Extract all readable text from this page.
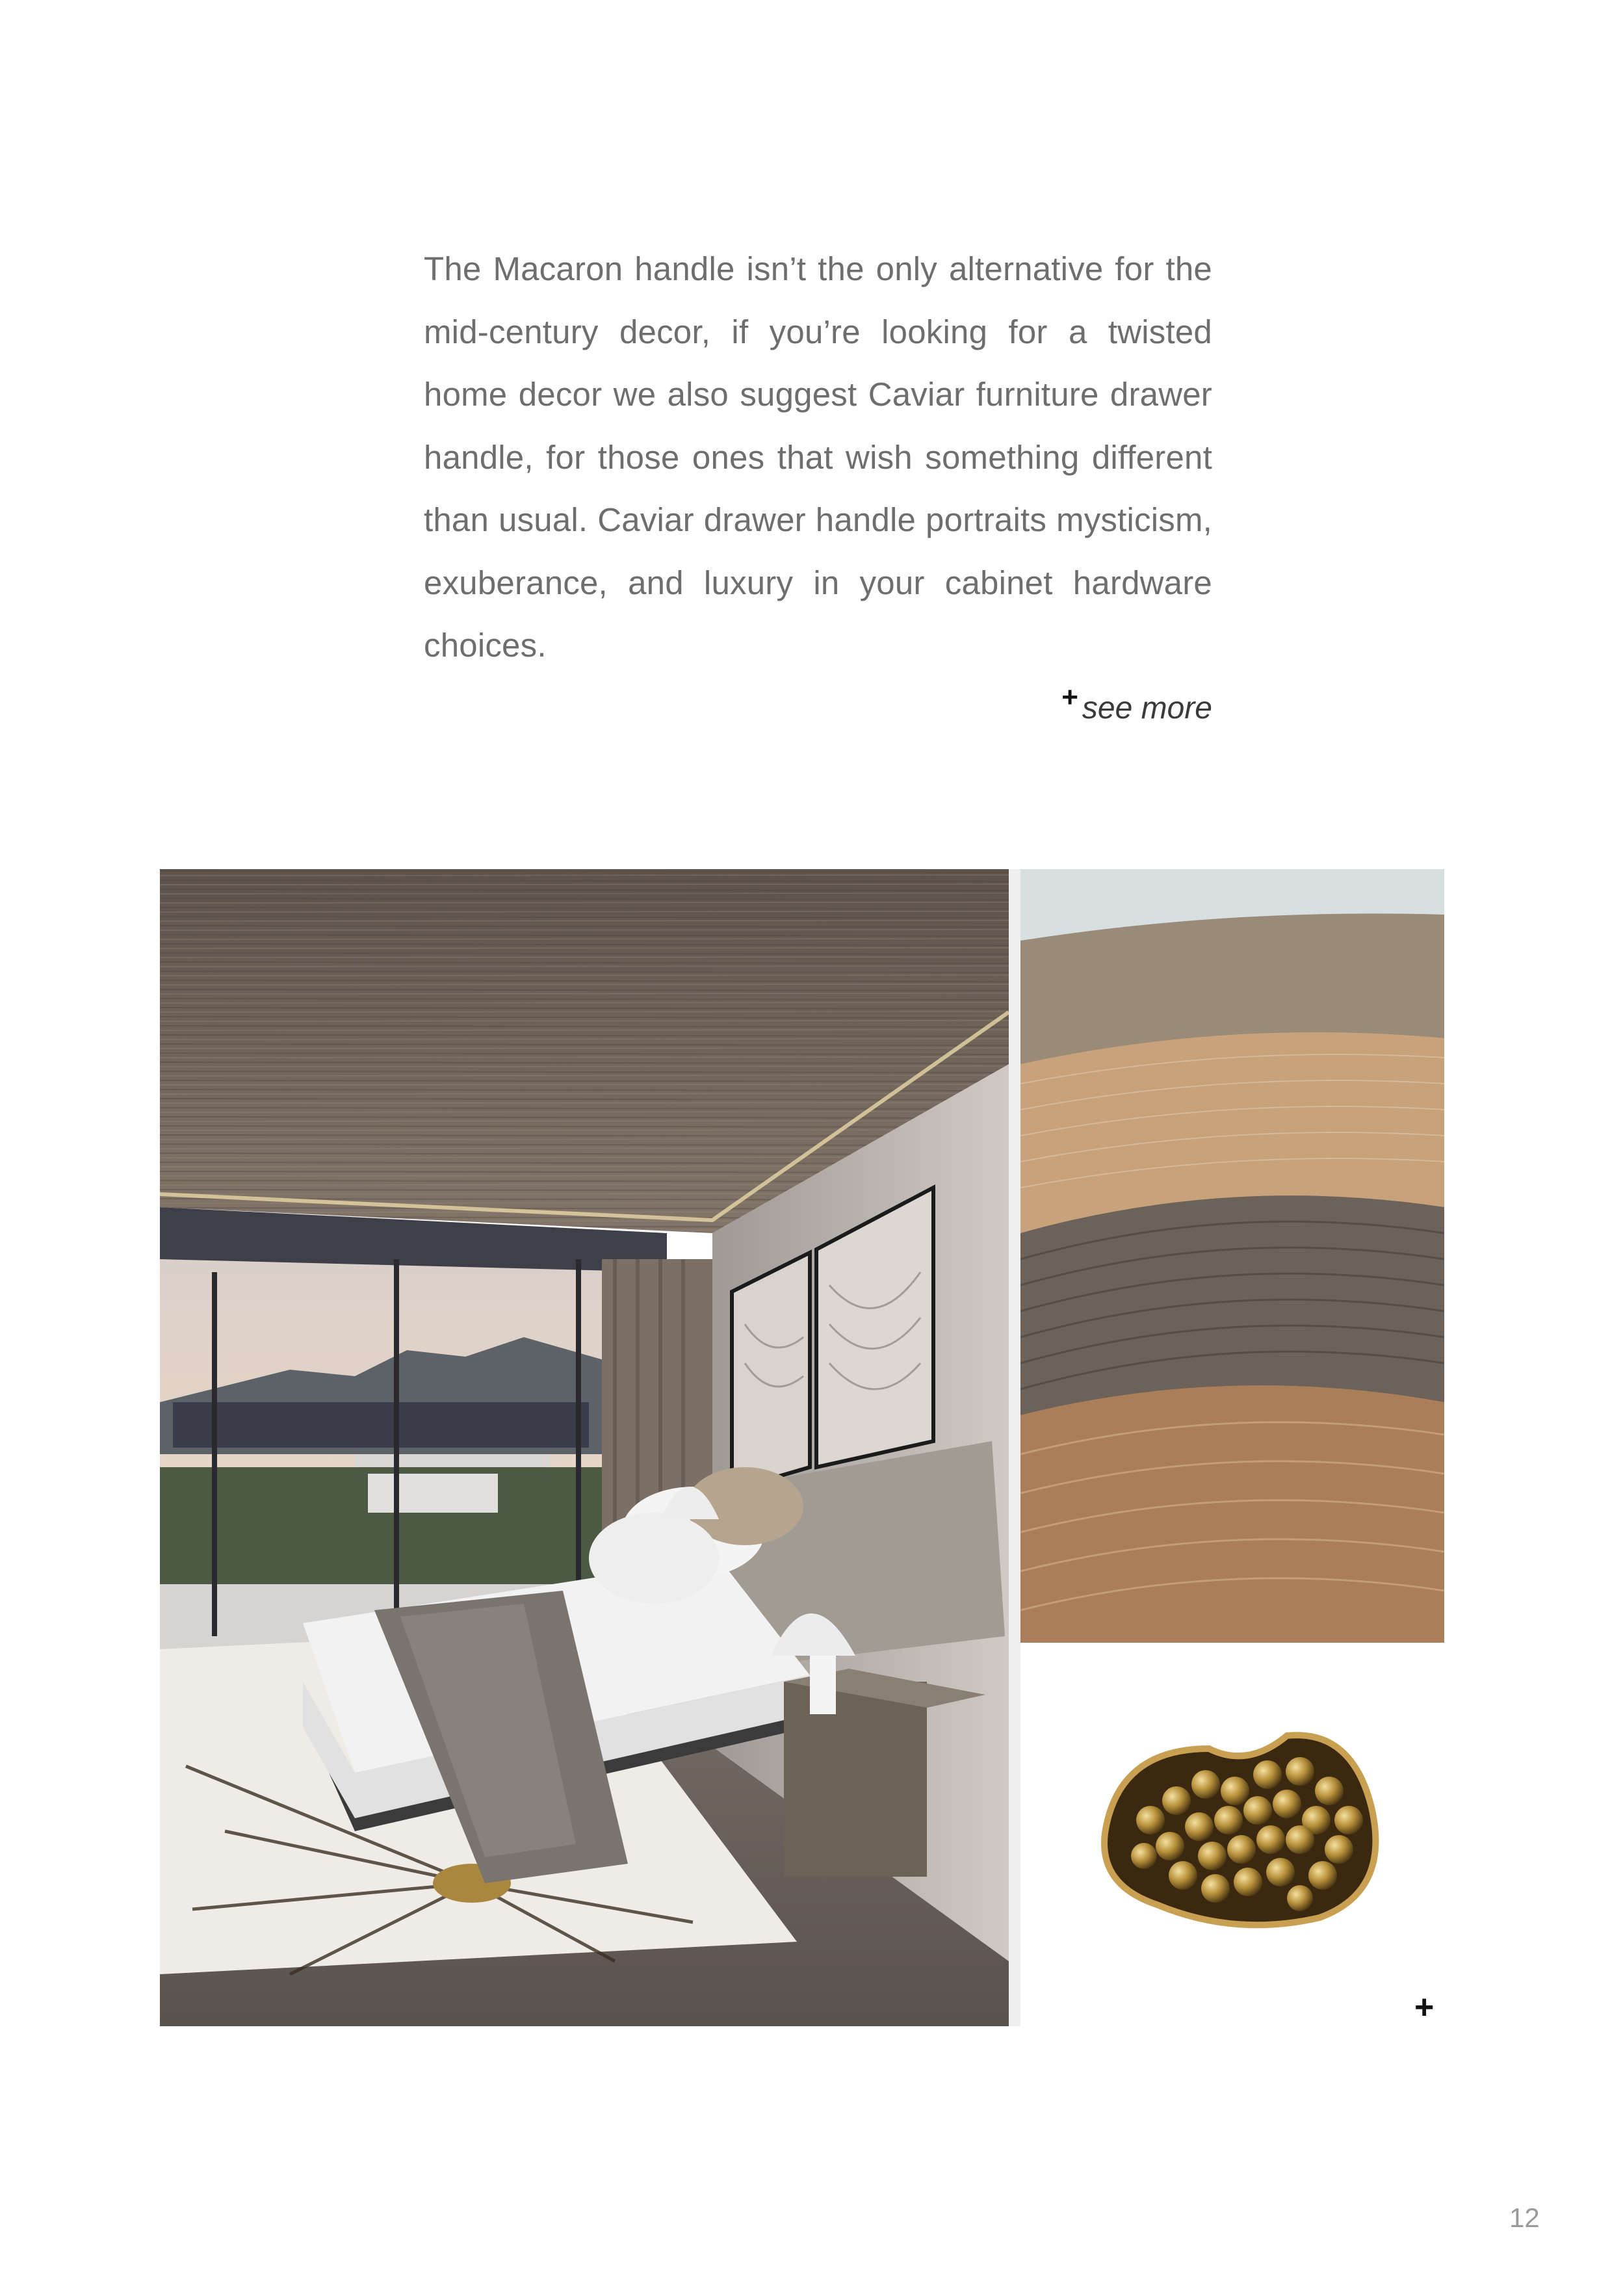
The Macaron handle isn’t the only alternative for the mid-century decor, if you’re looking for a twisted home decor we also suggest Caviar furniture drawer handle, for those ones that wish something different than usual. Caviar drawer handle portraits mysticism, exuberance, and luxury in your cabinet hardware choices.

+ see more
+
12
